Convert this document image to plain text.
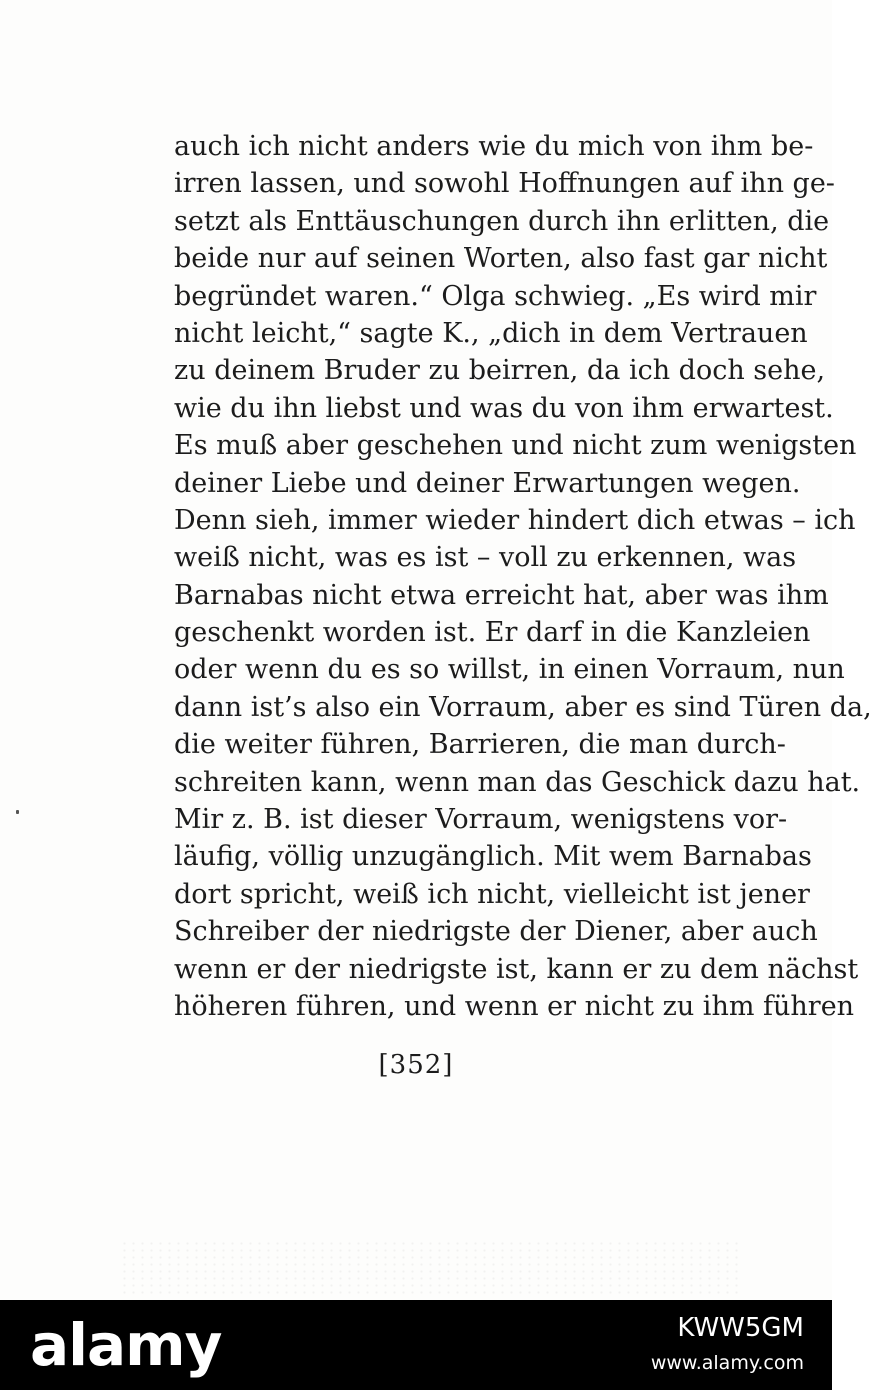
auch ich nicht anders wie du mich von ihm be-
irren lassen, und sowohl Hoffnungen auf ihn ge-
setzt als Enttäuschungen durch ihn erlitten, die
beide nur auf seinen Worten, also fast gar nicht
begründet waren.“ Olga schwieg. „Es wird mir
nicht leicht,“ sagte K., „dich in dem Vertrauen
zu deinem Bruder zu beirren, da ich doch sehe,
wie du ihn liebst und was du von ihm erwartest.
Es muß aber geschehen und nicht zum wenigsten
deiner Liebe und deiner Erwartungen wegen.
Denn sieh, immer wieder hindert dich etwas – ich
weiß nicht, was es ist – voll zu erkennen, was
Barnabas nicht etwa erreicht hat, aber was ihm
geschenkt worden ist. Er darf in die Kanzleien
oder wenn du es so willst, in einen Vorraum, nun
dann ist’s also ein Vorraum, aber es sind Türen da,
die weiter führen, Barrieren, die man durch-
schreiten kann, wenn man das Geschick dazu hat.
Mir z. B. ist dieser Vorraum, wenigstens vor-
läufig, völlig unzugänglich. Mit wem Barnabas
dort spricht, weiß ich nicht, vielleicht ist jener
Schreiber der niedrigste der Diener, aber auch
wenn er der niedrigste ist, kann er zu dem nächst
höheren führen, und wenn er nicht zu ihm führen
[352]
alamy	KWW5GM
www.alamy.com
